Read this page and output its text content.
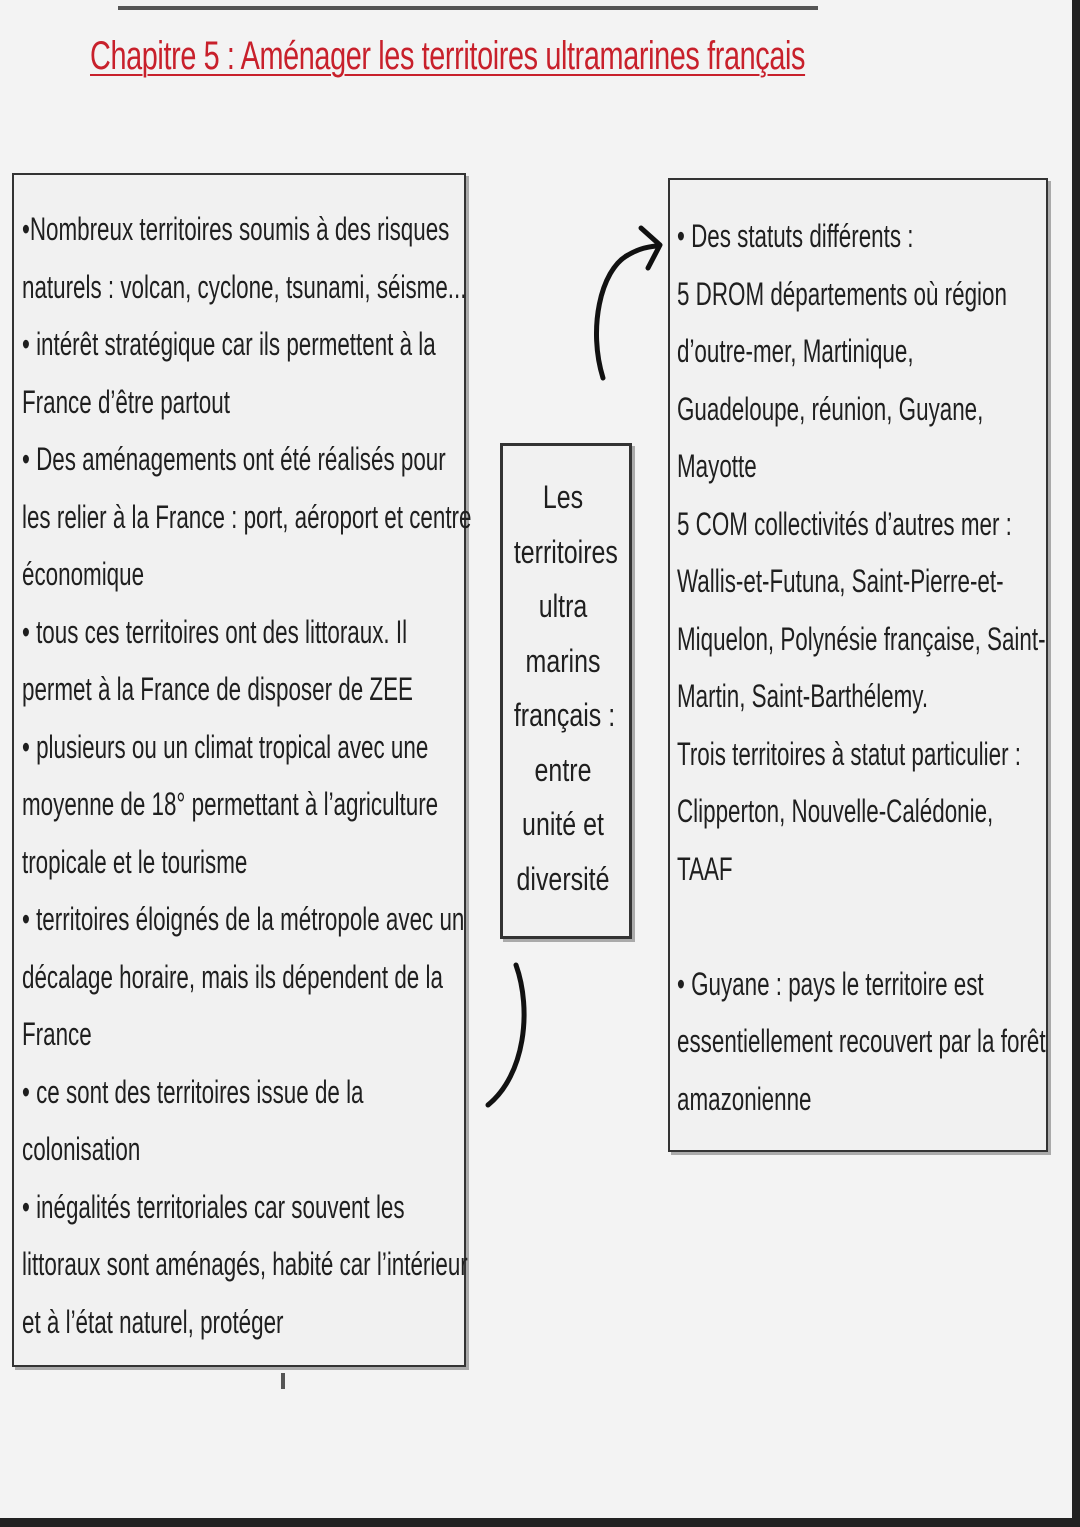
Chapitre 5 : Aménager les territoires ultramarines français
•Nombreux territoires soumis à des risques
naturels : volcan, cyclone, tsunami, séisme...
• intérêt stratégique car ils permettent à la
France d’être partout
• Des aménagements ont été réalisés pour
les relier à la France : port, aéroport et centre
économique
• tous ces territoires ont des littoraux. Il
permet à la France de disposer de ZEE
• plusieurs ou un climat tropical avec une
moyenne de 18° permettant à l’agriculture
tropicale et le tourisme
• territoires éloignés de la métropole avec un
décalage horaire, mais ils dépendent de la
France
• ce sont des territoires issue de la
colonisation
• inégalités territoriales car souvent les
littoraux sont aménagés, habité car l’intérieur
et à l’état naturel, protéger
• Des statuts différents :
5 DROM départements où région
d’outre-mer, Martinique,
Guadeloupe, réunion, Guyane,
Mayotte
5 COM collectivités d’autres mer :
Wallis-et-Futuna, Saint-Pierre-et-
Miquelon, Polynésie française, Saint-
Martin, Saint-Barthélemy.
Trois territoires à statut particulier :
Clipperton, Nouvelle-Calédonie,
TAAF
• Guyane : pays le territoire est
essentiellement recouvert par la forêt
amazonienne
Les
territoires
ultra
marins
français :
entre
unité et
diversité
